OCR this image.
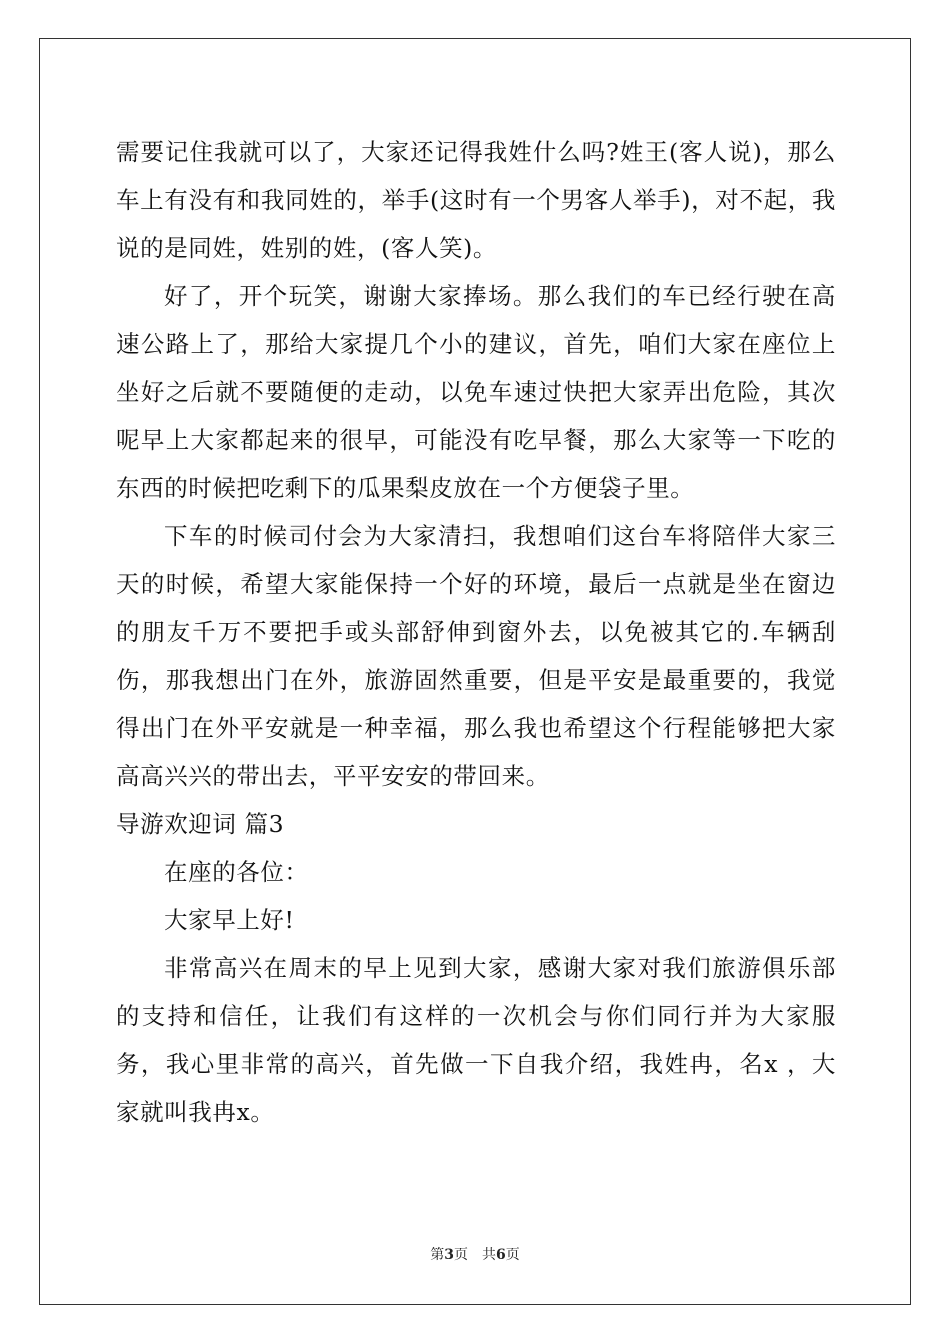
需要记住我就可以了，大家还记得我姓什么吗?姓王(客人说)，那么车上有没有和我同姓的，举手(这时有一个男客人举手)，对不起，我说的是同姓，姓别的姓，(客人笑)。

好了，开个玩笑，谢谢大家捧场。那么我们的车已经行驶在高速公路上了，那给大家提几个小的建议，首先，咱们大家在座位上坐好之后就不要随便的走动，以免车速过快把大家弄出危险，其次呢早上大家都起来的很早，可能没有吃早餐，那么大家等一下吃的东西的时候把吃剩下的瓜果梨皮放在一个方便袋子里。

下车的时候司付会为大家清扫，我想咱们这台车将陪伴大家三天的时候，希望大家能保持一个好的环境，最后一点就是坐在窗边的朋友千万不要把手或头部舒伸到窗外去，以免被其它的.车辆刮伤，那我想出门在外，旅游固然重要，但是平安是最重要的，我觉得出门在外平安就是一种幸福，那么我也希望这个行程能够把大家高高兴兴的带出去，平平安安的带回来。

导游欢迎词 篇3

在座的各位：

大家早上好!

非常高兴在周末的早上见到大家，感谢大家对我们旅游俱乐部的支持和信任，让我们有这样的一次机会与你们同行并为大家服务，我心里非常的高兴，首先做一下自我介绍，我姓冉，名x ，大家就叫我冉x。

第3页 共6页
